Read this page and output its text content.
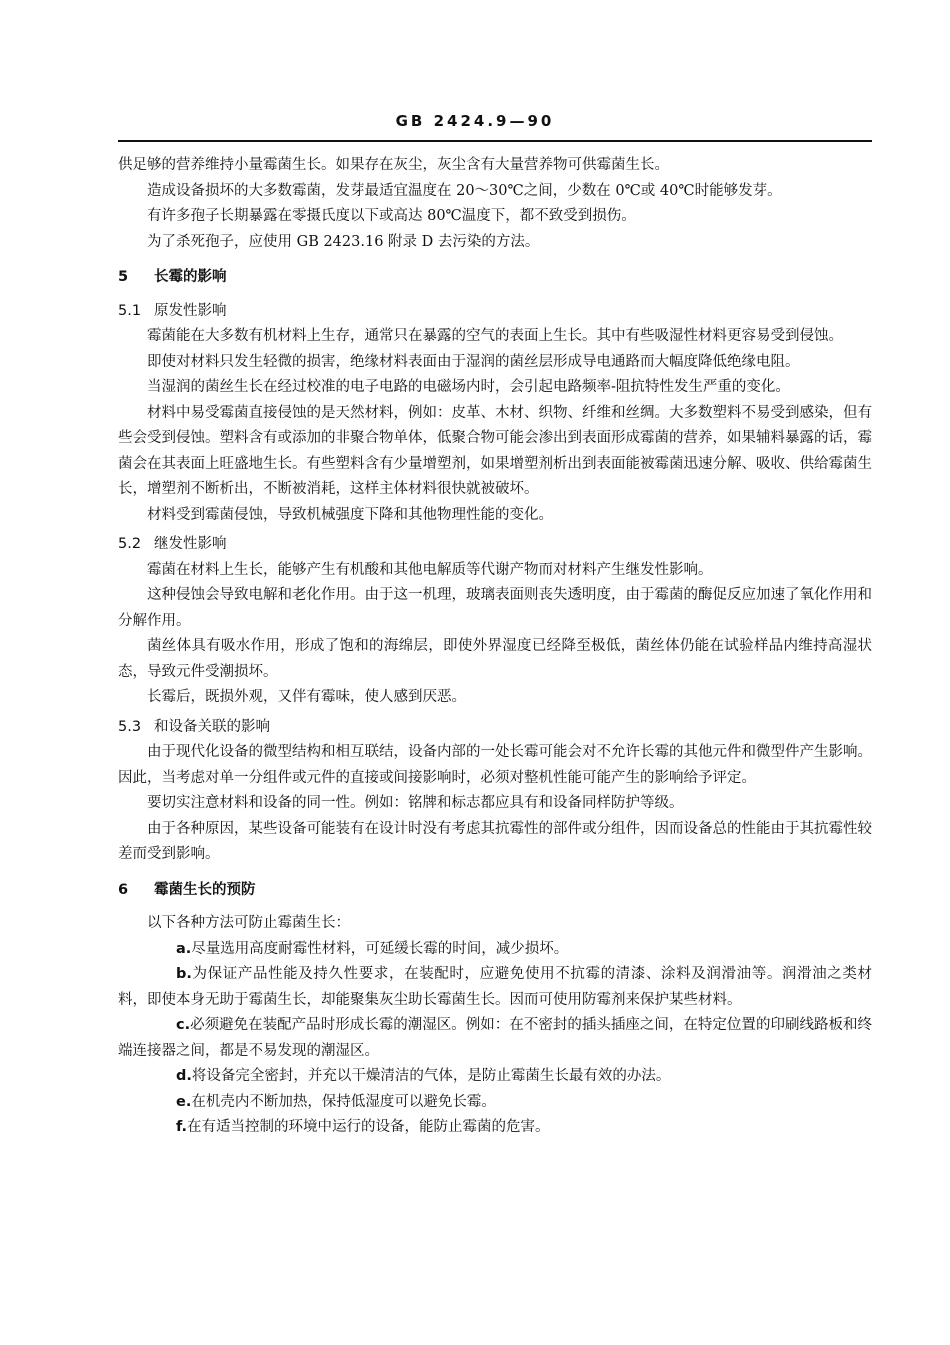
GB 2424.9—90

供足够的营养维持小量霉菌生长。如果存在灰尘，灰尘含有大量营养物可供霉菌生长。

造成设备损坏的大多数霉菌，发芽最适宜温度在 20～30℃之间，少数在 0℃或 40℃时能够发芽。

有许多孢子长期暴露在零摄氏度以下或高达 80℃温度下，都不致受到损伤。

为了杀死孢子，应使用 GB 2423.16 附录 D 去污染的方法。

5 长霉的影响

5.1 原发性影响

霉菌能在大多数有机材料上生存，通常只在暴露的空气的表面上生长。其中有些吸湿性材料更容易受到侵蚀。

即使对材料只发生轻微的损害，绝缘材料表面由于湿润的菌丝层形成导电通路而大幅度降低绝缘电阻。

当湿润的菌丝生长在经过校准的电子电路的电磁场内时，会引起电路频率-阻抗特性发生严重的变化。

材料中易受霉菌直接侵蚀的是天然材料，例如：皮革、木材、织物、纤维和丝绸。大多数塑料不易受到感染，但有些会受到侵蚀。塑料含有或添加的非聚合物单体，低聚合物可能会渗出到表面形成霉菌的营养，如果辅料暴露的话，霉菌会在其表面上旺盛地生长。有些塑料含有少量增塑剂，如果增塑剂析出到表面能被霉菌迅速分解、吸收、供给霉菌生长，增塑剂不断析出，不断被消耗，这样主体材料很快就被破坏。

材料受到霉菌侵蚀，导致机械强度下降和其他物理性能的变化。

5.2 继发性影响

霉菌在材料上生长，能够产生有机酸和其他电解质等代谢产物而对材料产生继发性影响。

这种侵蚀会导致电解和老化作用。由于这一机理，玻璃表面则丧失透明度，由于霉菌的酶促反应加速了氧化作用和分解作用。

菌丝体具有吸水作用，形成了饱和的海绵层，即使外界湿度已经降至极低，菌丝体仍能在试验样品内维持高湿状态，导致元件受潮损坏。

长霉后，既损外观，又伴有霉味，使人感到厌恶。

5.3 和设备关联的影响

由于现代化设备的微型结构和相互联结，设备内部的一处长霉可能会对不允许长霉的其他元件和微型件产生影响。因此，当考虑对单一分组件或元件的直接或间接影响时，必须对整机性能可能产生的影响给予评定。

要切实注意材料和设备的同一性。例如：铭牌和标志都应具有和设备同样防护等级。

由于各种原因，某些设备可能装有在设计时没有考虑其抗霉性的部件或分组件，因而设备总的性能由于其抗霉性较差而受到影响。

6 霉菌生长的预防

以下各种方法可防止霉菌生长：

a.尽量选用高度耐霉性材料，可延缓长霉的时间，减少损坏。

b.为保证产品性能及持久性要求，在装配时，应避免使用不抗霉的清漆、涂料及润滑油等。润滑油之类材料，即使本身无助于霉菌生长，却能聚集灰尘助长霉菌生长。因而可使用防霉剂来保护某些材料。

c.必须避免在装配产品时形成长霉的潮湿区。例如：在不密封的插头插座之间，在特定位置的印刷线路板和终端连接器之间，都是不易发现的潮湿区。

d.将设备完全密封，并充以干燥清洁的气体，是防止霉菌生长最有效的办法。

e.在机壳内不断加热，保持低湿度可以避免长霉。

f.在有适当控制的环境中运行的设备，能防止霉菌的危害。
